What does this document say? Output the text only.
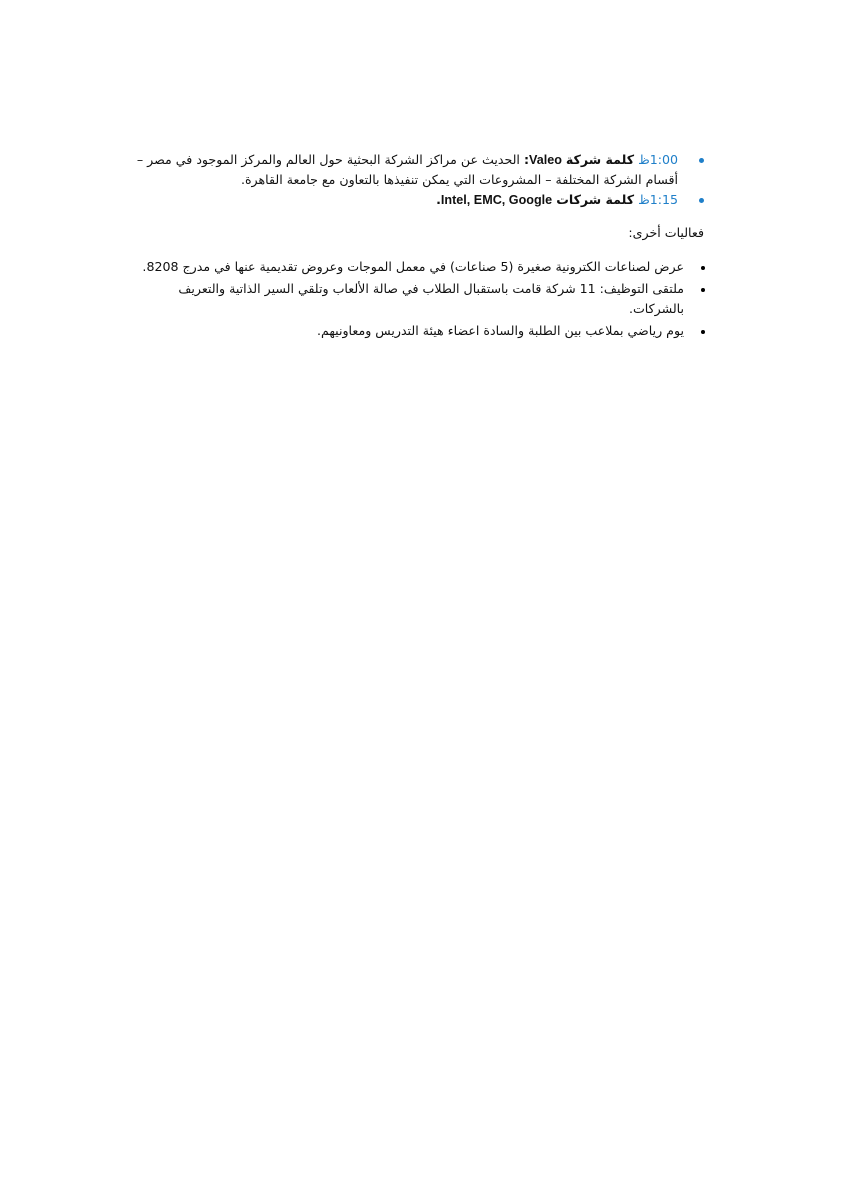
1:00ظ كلمة شركة Valeo: الحديث عن مراكز الشركة البحثية حول العالم والمركز الموجود في مصر – أقسام الشركة المختلفة – المشروعات التي يمكن تنفيذها بالتعاون مع جامعة القاهرة.
1:15ظ كلمة شركات Intel, EMC, Google.
فعاليات أخرى:
عرض لصناعات الكترونية صغيرة (5 صناعات) في معمل الموجات وعروض تقديمية عنها في مدرج 8208.
ملتقى التوظيف: 11 شركة قامت باستقبال الطلاب في صالة الألعاب وتلقي السير الذاتية والتعريف بالشركات.
يوم رياضي بملاعب بين الطلبة والسادة اعضاء هيئة التدريس ومعاونيهم.
